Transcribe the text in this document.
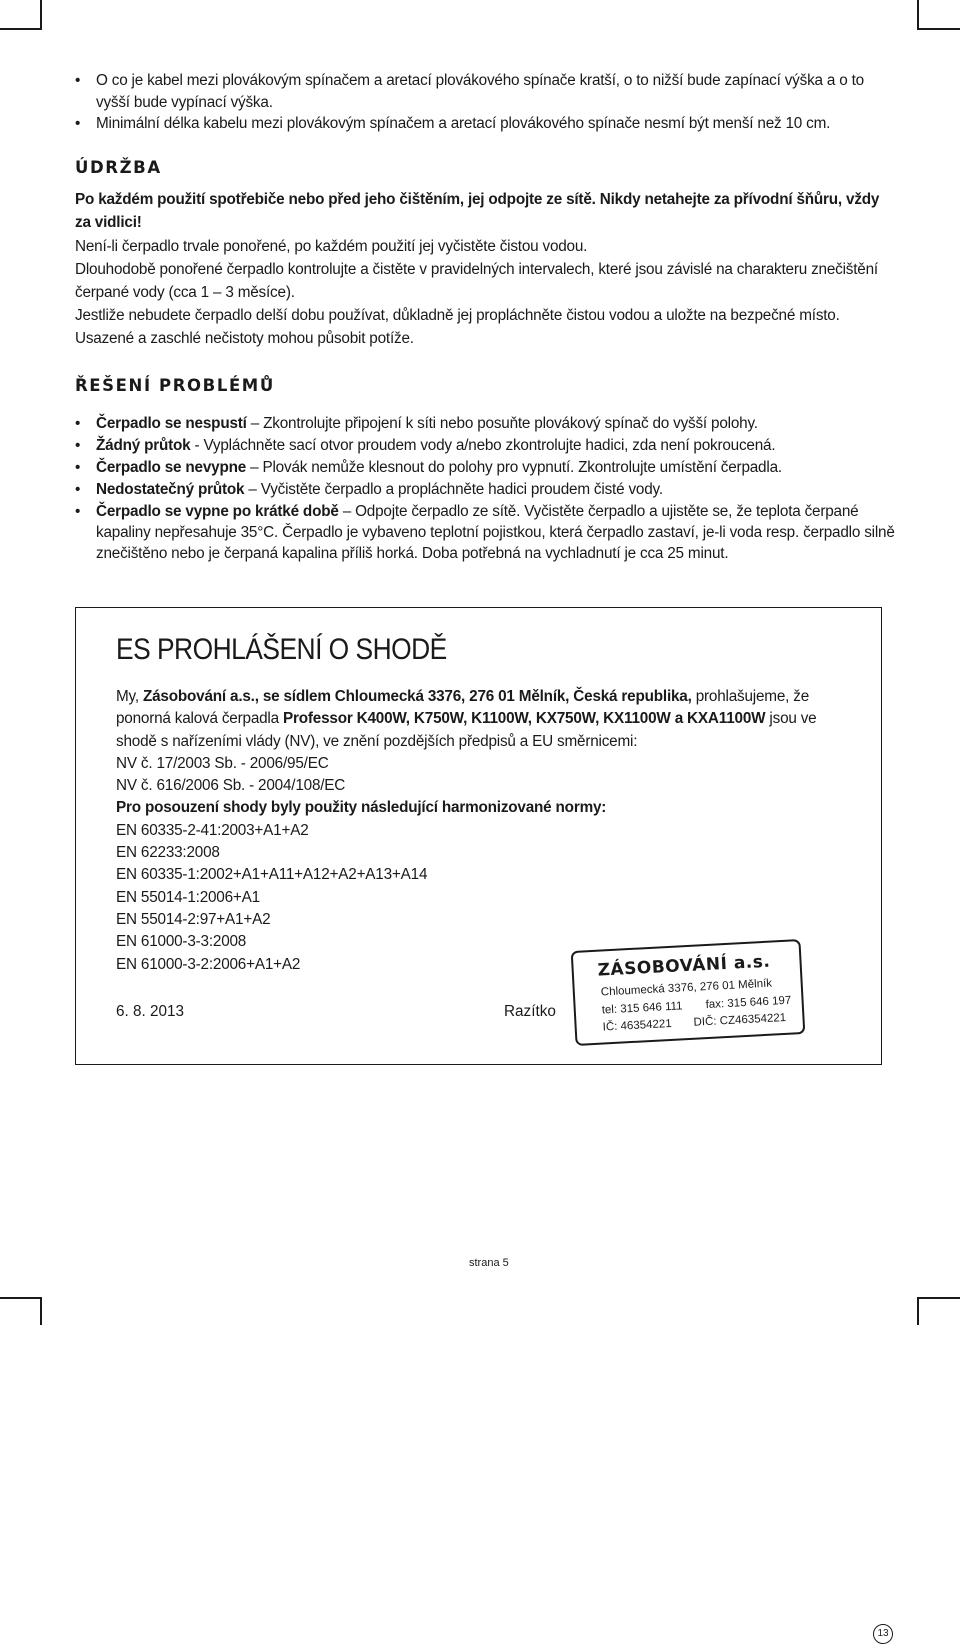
• O co je kabel mezi plovákovým spínačem a aretací plovákového spínače kratší, o to nižší bude zapínací výška a o to vyšší bude vypínací výška.
• Minimální délka kabelu mezi plovákovým spínačem a aretací plovákového spínače nesmí být menší než 10 cm.
ÚDRŽBA
Po každém použití spotřebiče nebo před jeho čištěním, jej odpojte ze sítě. Nikdy netahejte za přívodní šňůru, vždy za vidlici!

Není-li čerpadlo trvale ponořené, po každém použití jej vyčistěte čistou vodou.

Dlouhodobě ponořené čerpadlo kontrolujte a čistěte v pravidelných intervalech, které jsou závislé na charakteru znečištění čerpané vody (cca 1 – 3 měsíce).

Jestliže nebudete čerpadlo delší dobu používat, důkladně jej propláchněte čistou vodou a uložte na bezpečné místo.

Usazené a zaschlé nečistoty mohou působit potíže.

ŘEŠENÍ PROBLÉMŮ
• Čerpadlo se nespustí – Zkontrolujte připojení k síti nebo posuňte plovákový spínač do vyšší polohy.
• Žádný průtok - Vypláchněte sací otvor proudem vody a/nebo zkontrolujte hadici, zda není pokroucená.
• Čerpadlo se nevypne – Plovák nemůže klesnout do polohy pro vypnutí. Zkontrolujte umístění čerpadla.
• Nedostatečný průtok – Vyčistěte čerpadlo a propláchněte hadici proudem čisté vody.
• Čerpadlo se vypne po krátké době – Odpojte čerpadlo ze sítě. Vyčistěte čerpadlo a ujistěte se, že teplota čerpané kapaliny nepřesahuje 35°C. Čerpadlo je vybaveno teplotní pojistkou, která čerpadlo zastaví, je-li voda resp. čerpadlo silně znečištěno nebo je čerpaná kapalina příliš horká. Doba potřebná na vychladnutí je cca 25 minut.
ES PROHLÁŠENÍ O SHODĚ
My, Zásobování a.s., se sídlem Chloumecká 3376, 276 01 Mělník, Česká republika, prohlašujeme, že ponorná kalová čerpadla Professor K400W, K750W, K1100W, KX750W, KX1100W a KXA1100W jsou ve shodě s nařízeními vlády (NV), ve znění pozdějších předpisů a EU směrnicemi:
NV č. 17/2003 Sb. - 2006/95/EC
NV č. 616/2006 Sb. - 2004/108/EC
Pro posouzení shody byly použity následující harmonizované normy:
EN 60335-2-41:2003+A1+A2
EN 62233:2008
EN 60335-1:2002+A1+A11+A12+A2+A13+A14
EN 55014-1:2006+A1
EN 55014-2:97+A1+A2
EN 61000-3-3:2008
EN 61000-3-2:2006+A1+A2
6. 8. 2013	Razítko
ZÁSOBOVÁNÍ a.s.
Chloumecká 3376, 276 01 Mělník
tel: 315 646 111 fax: 315 646 197
IČ: 46354221 DIČ: CZ46354221
13
strana 5
